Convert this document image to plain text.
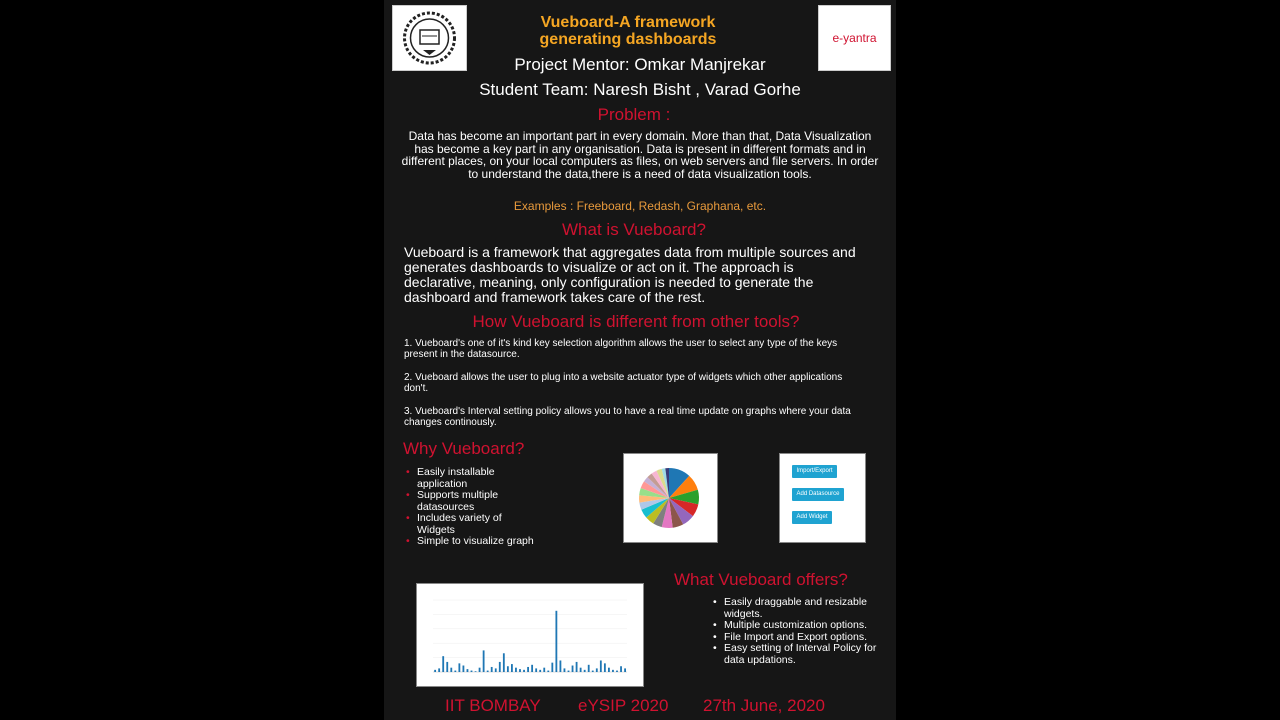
Vueboard-A framework generating dashboards	e-yantra
Project Mentor: Omkar Manjrekar
Student Team: Naresh Bisht , Varad Gorhe
Problem :
Data has become an important part in every domain. More than that, Data Visualization has become a key part in any organisation. Data is present in different formats and in different places, on your local computers as files, on web servers and file servers. In order to understand the data,there is a need of data visualization tools.
Examples : Freeboard, Redash, Graphana, etc.
What is Vueboard?
Vueboard is a framework that aggregates data from multiple sources and generates dashboards to visualize or act on it. The approach is declarative, meaning, only configuration is needed to generate the dashboard and framework takes care of the rest.
How Vueboard is different from other tools?
1. Vueboard's one of it's kind key selection algorithm allows the user to select any type of the keys present in the datasource.
2. Vueboard allows the user to plug into a website actuator type of widgets which other applications don't.
3. Vueboard's Interval setting policy allows you to have a real time update on graphs where your data changes continously.
Why Vueboard?
• Easily installable application
• Supports multiple datasources
• Includes variety of Widgets
• Simple to visualize graph
Import/Export
Add Datasource
Add Widget
What Vueboard offers?
• Easily draggable and resizable widgets.
• Multiple customization options.
• File Import and Export options.
• Easy setting of Interval Policy for data updations.
IIT BOMBAY eYSIP 2020 27th June, 2020
